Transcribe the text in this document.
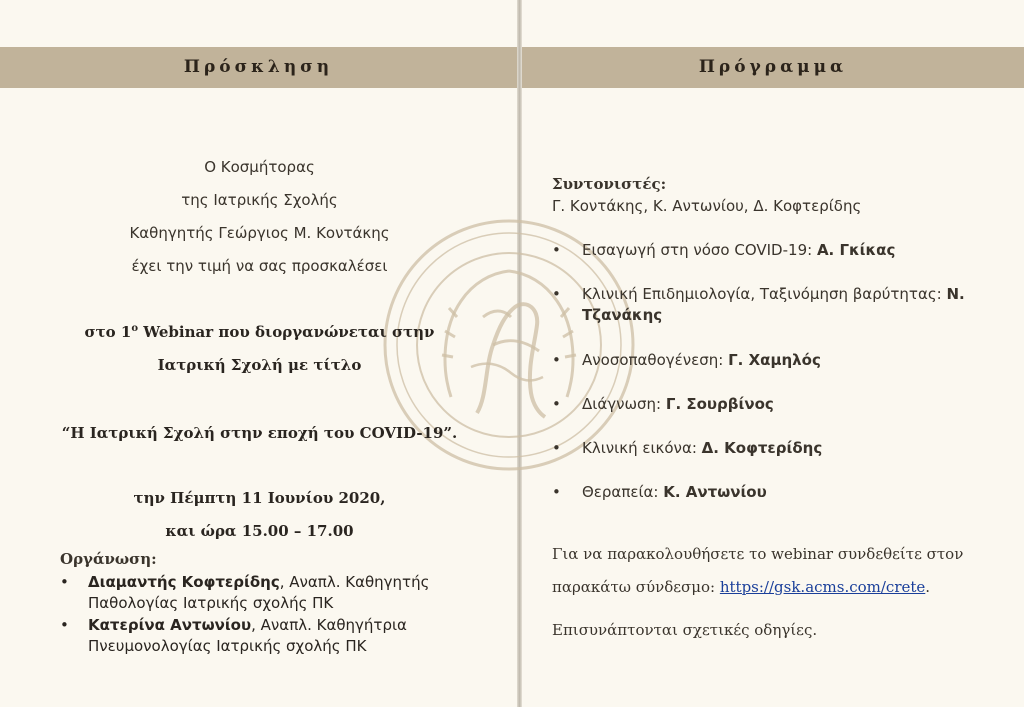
Πρόσκληση	Πρόγραμμα
Ο Κοσμήτορας
της Ιατρικής Σχολής
Καθηγητής Γεώργιος Μ. Κοντάκης
έχει την τιμή να σας προσκαλέσει
στο $1^o$ Webinar που διοργανώνεται στην
Ιατρική Σχολή με τίτλο
“Η Ιατρική Σχολή στην εποχή του COVID-19”.
την Πέμπτη 11 Ιουνίου 2020,
και ώρα 15.00 – 17.00
Οργάνωση:
• Διαμαντής Κοφτερίδης, Αναπλ. Καθηγητής
Παθολογίας Ιατρικής σχολής ΠΚ
• Κατερίνα Αντωνίου, Αναπλ. Καθηγήτρια
Πνευμονολογίας Ιατρικής σχολής ΠΚ
Συντονιστές:
Γ. Κοντάκης, Κ. Αντωνίου, Δ. Κοφτερίδης
• Εισαγωγή στη νόσο COVID-19: Α. Γκίκας
• Κλινική Επιδημιολογία, Ταξινόμηση βαρύτητας: Ν. Τζανάκης
• Ανοσοπαθογένεση: Γ. Χαμηλός
• Διάγνωση: Γ. Σουρβίνος
• Κλινική εικόνα: Δ. Κοφτερίδης
• Θεραπεία: Κ. Αντωνίου
Για να παρακολουθήσετε το webinar συνδεθείτε στον
παρακάτω σύνδεσμο: https://gsk.acms.com/crete.
Επισυνάπτονται σχετικές οδηγίες.
